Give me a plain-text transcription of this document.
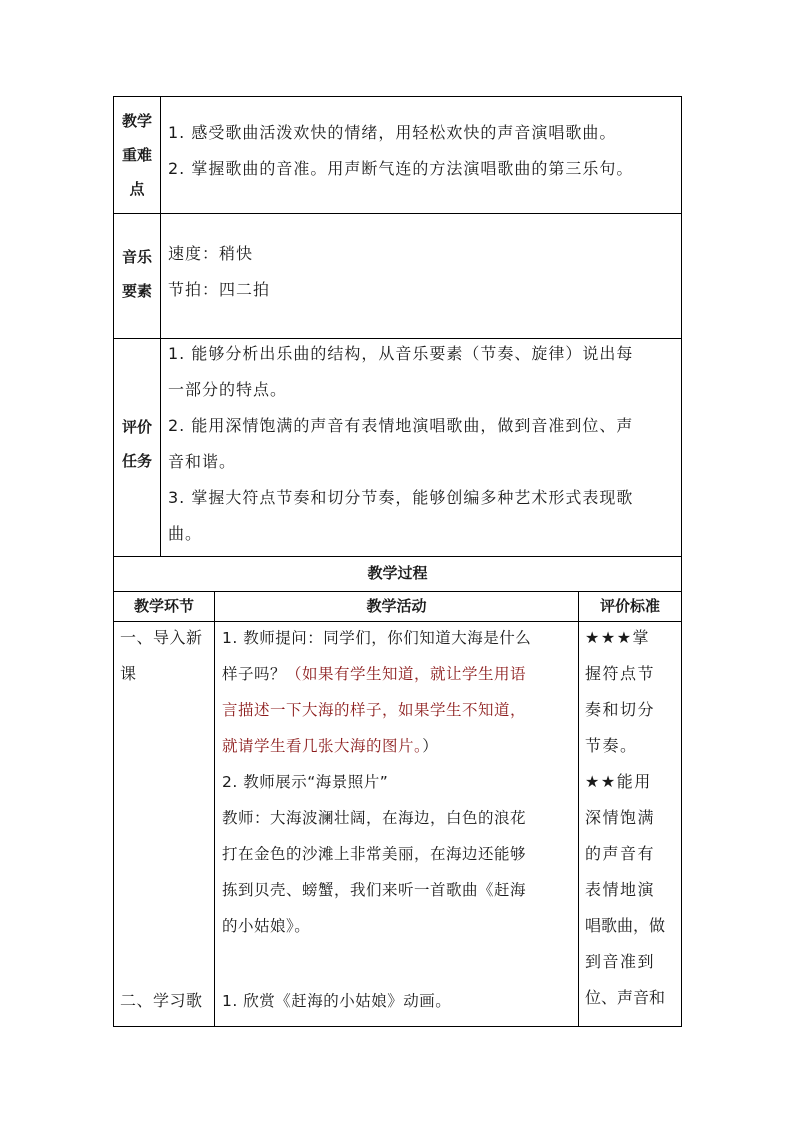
教学

重难

点

1. 感受歌曲活泼欢快的情绪，用轻松欢快的声音演唱歌曲。

2. 掌握歌曲的音准。用声断气连的方法演唱歌曲的第三乐句。

音乐

要素

速度：稍快

节拍：四二拍

评价

任务

1. 能够分析出乐曲的结构，从音乐要素（节奏、旋律）说出每

一部分的特点。

2. 能用深情饱满的声音有表情地演唱歌曲，做到音准到位、声

音和谐。

3. 掌握大符点节奏和切分节奏，能够创编多种艺术形式表现歌

曲。

教学过程
教学环节	教学活动	评价标准

一、导入新

课

二、学习歌

1. 教师提问：同学们，你们知道大海是什么

样子吗？（如果有学生知道，就让学生用语

言描述一下大海的样子，如果学生不知道，

就请学生看几张大海的图片。）

2. 教师展示“海景照片”

教师：大海波澜壮阔，在海边，白色的浪花

打在金色的沙滩上非常美丽，在海边还能够

拣到贝壳、螃蟹，我们来听一首歌曲《赶海

的小姑娘》。

1. 欣赏《赶海的小姑娘》动画。

★★★掌

握符点节

奏和切分

节奏。

★★能用

深情饱满

的声音有

表情地演

唱歌曲，做

到音准到

位、声音和
